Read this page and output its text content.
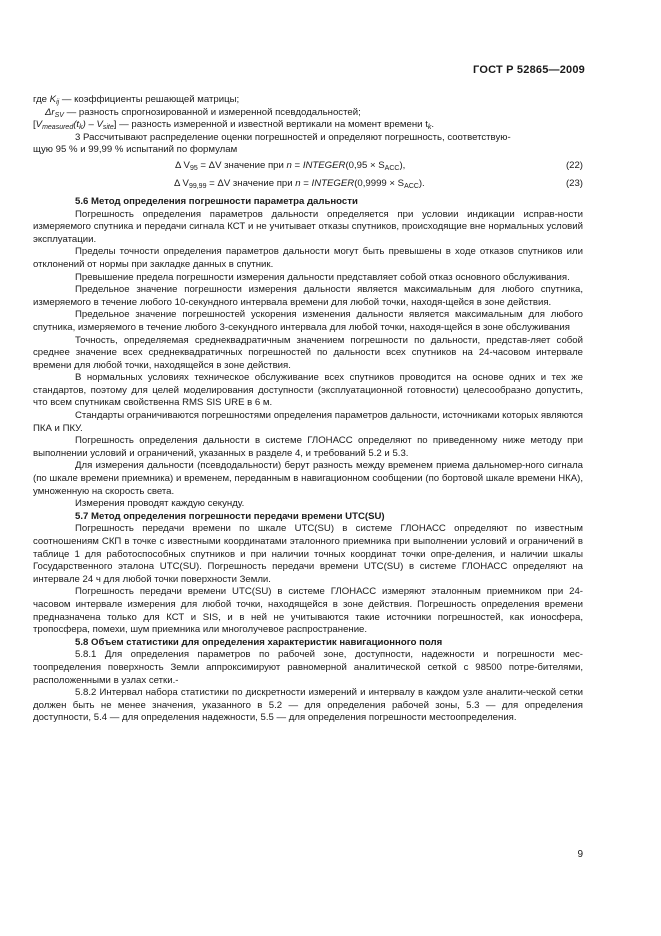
ГОСТ Р 52865—2009

где $K_{ij}$ — коэффициенты решающей матрицы;

$\Delta r_{SV}$ — разность спрогнозированной и измеренной псевдодальностей;

$[V_{measured}(t_k) - V_{site}]$ — разность измеренной и известной вертикали на момент времени $t_k$.

3 Рассчитывают распределение оценки погрешностей и определяют погрешность, соответствую-

щую 95 % и 99,99 % испытаний по формулам

Δ $V_{95} = \Delta V$ значение при n = INTEGER(0,95 × $S_{ACC}$),	(22)
Δ $V_{99,99} = \Delta V$ значение при n = INTEGER(0,9999 × $S_{ACC}$).	(23)

5.6 Метод определения погрешности параметра дальности

Погрешность определения параметров дальности определяется при условии индикации исправ-ности измеряемого спутника и передачи сигнала КСТ и не учитывает отказы спутников, происходящие вне нормальных условий эксплуатации.

Пределы точности определения параметров дальности могут быть превышены в ходе отказов спутников или отклонений от нормы при закладке данных в спутник.

Превышение предела погрешности измерения дальности представляет собой отказ основного обслуживания.

Предельное значение погрешности измерения дальности является максимальным для любого спутника, измеряемого в течение любого 10-секундного интервала времени для любой точки, находя-щейся в зоне действия.

Предельное значение погрешностей ускорения изменения дальности является максимальным для любого спутника, измеряемого в течение любого 3-секундного интервала для любой точки, находя-щейся в зоне обслуживания

Точность, определяемая среднеквадратичным значением погрешности по дальности, представ-ляет собой среднее значение всех среднеквадратичных погрешностей по дальности всех спутников на 24-часовом интервале времени для любой точки, находящейся в зоне действия.

В нормальных условиях техническое обслуживание всех спутников проводится на основе одних и тех же стандартов, поэтому для целей моделирования доступности (эксплуатационной готовности) целесообразно допустить, что всем спутникам свойственна RMS SIS URE в 6 м.

Стандарты ограничиваются погрешностями определения параметров дальности, источниками которых являются ПКА и ПКУ.

Погрешность определения дальности в системе ГЛОНАСС определяют по приведенному ниже методу при выполнении условий и ограничений, указанных в разделе 4, и требований 5.2 и 5.3.

Для измерения дальности (псевдодальности) берут разность между временем приема дальномер-ного сигнала (по шкале времени приемника) и временем, переданным в навигационном сообщении (по бортовой шкале времени НКА), умноженную на скорость света.

Измерения проводят каждую секунду.

5.7 Метод определения погрешности передачи времени UTC(SU)

Погрешность передачи времени по шкале UTC(SU) в системе ГЛОНАСС определяют по известным соотношениям СКП в точке с известными координатами эталонного приемника при выполнении условий и ограничений в таблице 1 для работоспособных спутников и при наличии точных координат точки опре-деления, и наличии шкалы Государственного эталона UTC(SU). Погрешность передачи времени UTC(SU) в системе ГЛОНАСС определяют на интервале 24 ч для любой точки поверхности Земли.

Погрешность передачи времени UTC(SU) в системе ГЛОНАСС измеряют эталонным приемником при 24-часовом интервале измерения для любой точки, находящейся в зоне действия. Погрешность определения времени предназначена только для КСТ и SIS, и в ней не учитываются такие источники погрешностей, как ионосфера, тропосфера, помехи, шум приемника или многолучевое распространение.

5.8 Объем статистики для определения характеристик навигационного поля

5.8.1 Для определения параметров по рабочей зоне, доступности, надежности и погрешности мес-тоопределения поверхность Земли аппроксимируют равномерной аналитической сеткой с 98500 потре-бителями, расположенными в узлах сетки.-

5.8.2 Интервал набора статистики по дискретности измерений и интервалу в каждом узле аналити-ческой сетки должен быть не менее значения, указанного в 5.2 — для определения рабочей зоны, 5.3 — для определения доступности, 5.4 — для определения надежности, 5.5 — для определения погрешности местоопределения.

9
